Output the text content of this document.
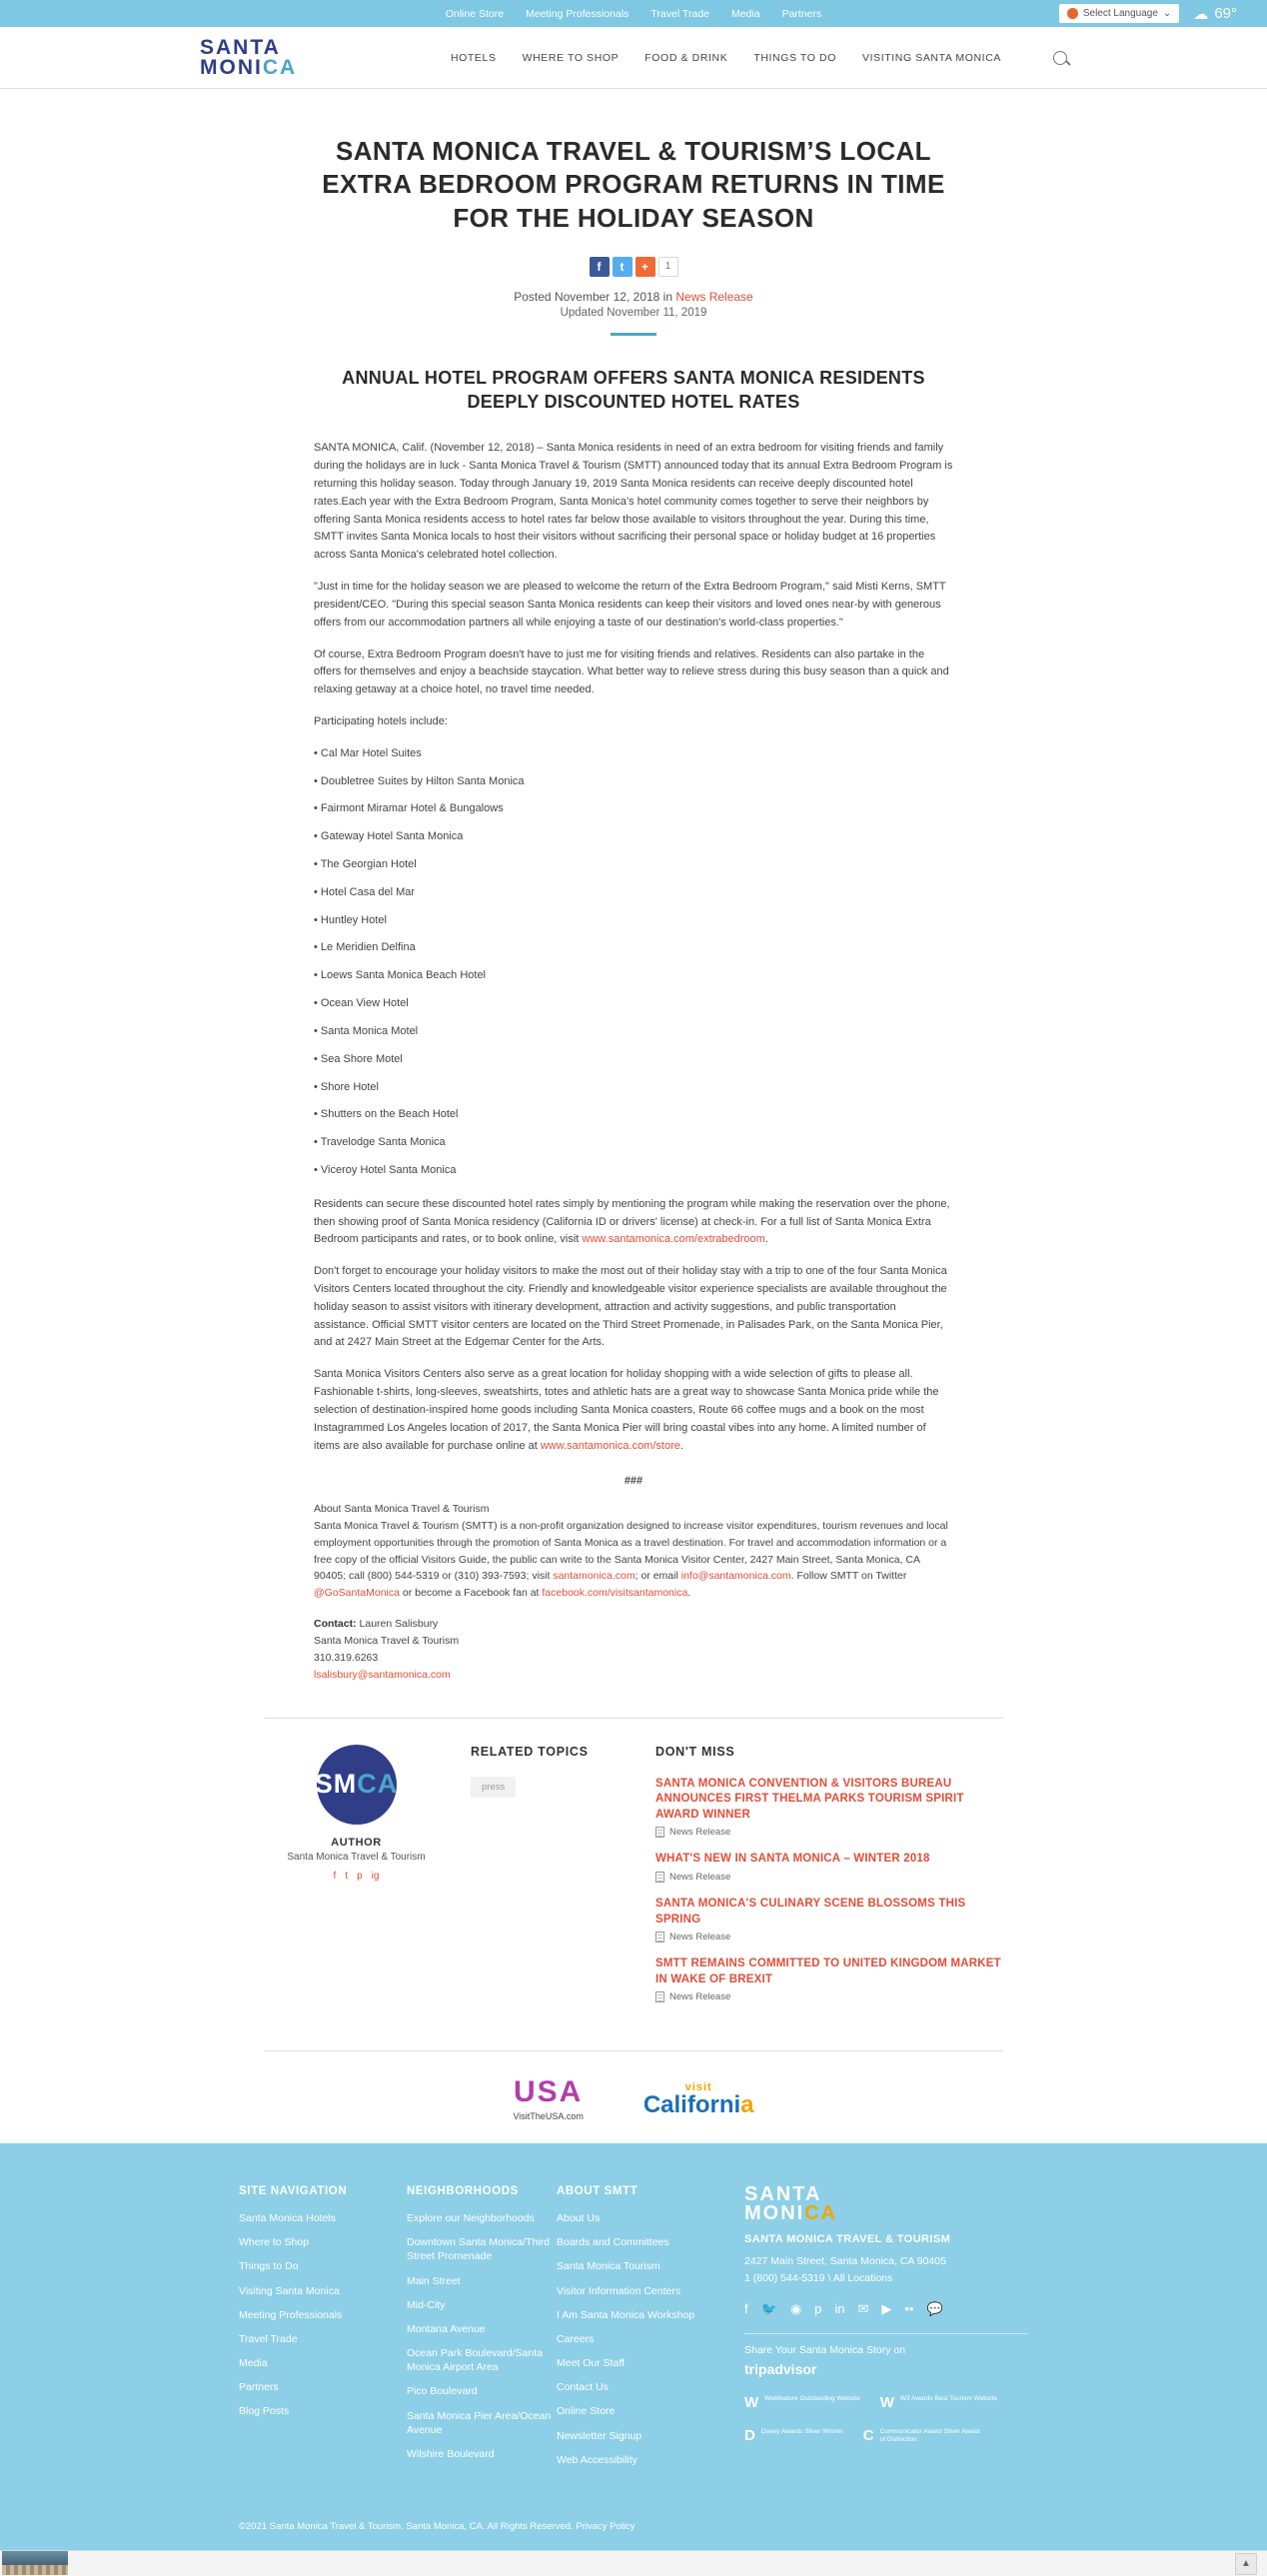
Online Store Meeting Professionals Travel Trade Media Partners	Select Language ⌄ ☁ 69°
SANTA
MONICA	HOTELS WHERE TO SHOP FOOD & DRINK THINGS TO DO VISITING SANTA MONICA
SANTA MONICA TRAVEL & TOURISM’S LOCAL EXTRA BEDROOM PROGRAM RETURNS IN TIME FOR THE HOLIDAY SEASON
f	t	+	1
Posted November 12, 2018 in News Release
Updated November 11, 2019
ANNUAL HOTEL PROGRAM OFFERS SANTA MONICA RESIDENTS DEEPLY DISCOUNTED HOTEL RATES

SANTA MONICA, Calif. (November 12, 2018) – Santa Monica residents in need of an extra bedroom for visiting friends and family during the holidays are in luck - Santa Monica Travel & Tourism (SMTT) announced today that its annual Extra Bedroom Program is returning this holiday season. Today through January 19, 2019 Santa Monica residents can receive deeply discounted hotel rates.Each year with the Extra Bedroom Program, Santa Monica's hotel community comes together to serve their neighbors by offering Santa Monica residents access to hotel rates far below those available to visitors throughout the year. During this time, SMTT invites Santa Monica locals to host their visitors without sacrificing their personal space or holiday budget at 16 properties across Santa Monica's celebrated hotel collection.

"Just in time for the holiday season we are pleased to welcome the return of the Extra Bedroom Program," said Misti Kerns, SMTT president/CEO. "During this special season Santa Monica residents can keep their visitors and loved ones near-by with generous offers from our accommodation partners all while enjoying a taste of our destination's world-class properties."

Of course, Extra Bedroom Program doesn't have to just me for visiting friends and relatives. Residents can also partake in the offers for themselves and enjoy a beachside staycation. What better way to relieve stress during this busy season than a quick and relaxing getaway at a choice hotel, no travel time needed.

Participating hotels include:

• Cal Mar Hotel Suites
• Doubletree Suites by Hilton Santa Monica
• Fairmont Miramar Hotel & Bungalows
• Gateway Hotel Santa Monica
• The Georgian Hotel
• Hotel Casa del Mar
• Huntley Hotel
• Le Meridien Delfina
• Loews Santa Monica Beach Hotel
• Ocean View Hotel
• Santa Monica Motel
• Sea Shore Motel
• Shore Hotel
• Shutters on the Beach Hotel
• Travelodge Santa Monica
• Viceroy Hotel Santa Monica

Residents can secure these discounted hotel rates simply by mentioning the program while making the reservation over the phone, then showing proof of Santa Monica residency (California ID or drivers' license) at check-in. For a full list of Santa Monica Extra Bedroom participants and rates, or to book online, visit www.santamonica.com/extrabedroom.

Don't forget to encourage your holiday visitors to make the most out of their holiday stay with a trip to one of the four Santa Monica Visitors Centers located throughout the city. Friendly and knowledgeable visitor experience specialists are available throughout the holiday season to assist visitors with itinerary development, attraction and activity suggestions, and public transportation assistance. Official SMTT visitor centers are located on the Third Street Promenade, in Palisades Park, on the Santa Monica Pier, and at 2427 Main Street at the Edgemar Center for the Arts.

Santa Monica Visitors Centers also serve as a great location for holiday shopping with a wide selection of gifts to please all. Fashionable t-shirts, long-sleeves, sweatshirts, totes and athletic hats are a great way to showcase Santa Monica pride while the selection of destination-inspired home goods including Santa Monica coasters, Route 66 coffee mugs and a book on the most Instagrammed Los Angeles location of 2017, the Santa Monica Pier will bring coastal vibes into any home. A limited number of items are also available for purchase online at www.santamonica.com/store.

###
About Santa Monica Travel & Tourism
Santa Monica Travel & Tourism (SMTT) is a non-profit organization designed to increase visitor expenditures, tourism revenues and local employment opportunities through the promotion of Santa Monica as a travel destination. For travel and accommodation information or a free copy of the official Visitors Guide, the public can write to the Santa Monica Visitor Center, 2427 Main Street, Santa Monica, CA 90405; call (800) 544-5319 or (310) 393-7593; visit santamonica.com; or email info@santamonica.com. Follow SMTT on Twitter @GoSantaMonica or become a Facebook fan at facebook.com/visitsantamonica.
Contact: Lauren Salisbury
Santa Monica Travel & Tourism
310.319.6263
lsalisbury@santamonica.com
SM CA
AUTHOR
Santa Monica Travel & Tourism
f t p ig
RELATED TOPICS
press
DON'T MISS
SANTA MONICA CONVENTION & VISITORS BUREAU ANNOUNCES FIRST THELMA PARKS TOURISM SPIRIT AWARD WINNER
News Release
WHAT'S NEW IN SANTA MONICA – WINTER 2018
News Release
SANTA MONICA'S CULINARY SCENE BLOSSOMS THIS SPRING
News Release
SMTT REMAINS COMMITTED TO UNITED KINGDOM MARKET IN WAKE OF BREXIT
News Release
USA
VisitTheUSA.com
visit
California
SITE NAVIGATION
Santa Monica Hotels
Where to Shop
Things to Do
Visiting Santa Monica
Meeting Professionals
Travel Trade
Media
Partners
Blog Posts
NEIGHBORHOODS
Explore our Neighborhoods
Downtown Santa Monica/Third Street Promenade
Main Street
Mid-City
Montana Avenue
Ocean Park Boulevard/Santa Monica Airport Area
Pico Boulevard
Santa Monica Pier Area/Ocean Avenue
Wilshire Boulevard
ABOUT SMTT
About Us
Boards and Committees
Santa Monica Tourism
Visitor Information Centers
I Am Santa Monica Workshop
Careers
Meet Our Staff
Contact Us
Online Store
Newsletter Signup
Web Accessibility
SANTA
MONICA
SANTA MONICA TRAVEL & TOURISM
2427 Main Street, Santa Monica, CA 90405
1 (800) 544-5319 \ All Locations
f 🐦 ◉ p in ✉ ▶ •• 💬
Share Your Santa Monica Story on
tripadvisor
W Webfeature Outstanding Website W W3 Awards Best Tourism Website
D Davey Awards Silver Winner C Communicator Award Silver Award of Distinction
©2021 Santa Monica Travel & Tourism. Santa Monica, CA. All Rights Reserved. Privacy Policy
▲
